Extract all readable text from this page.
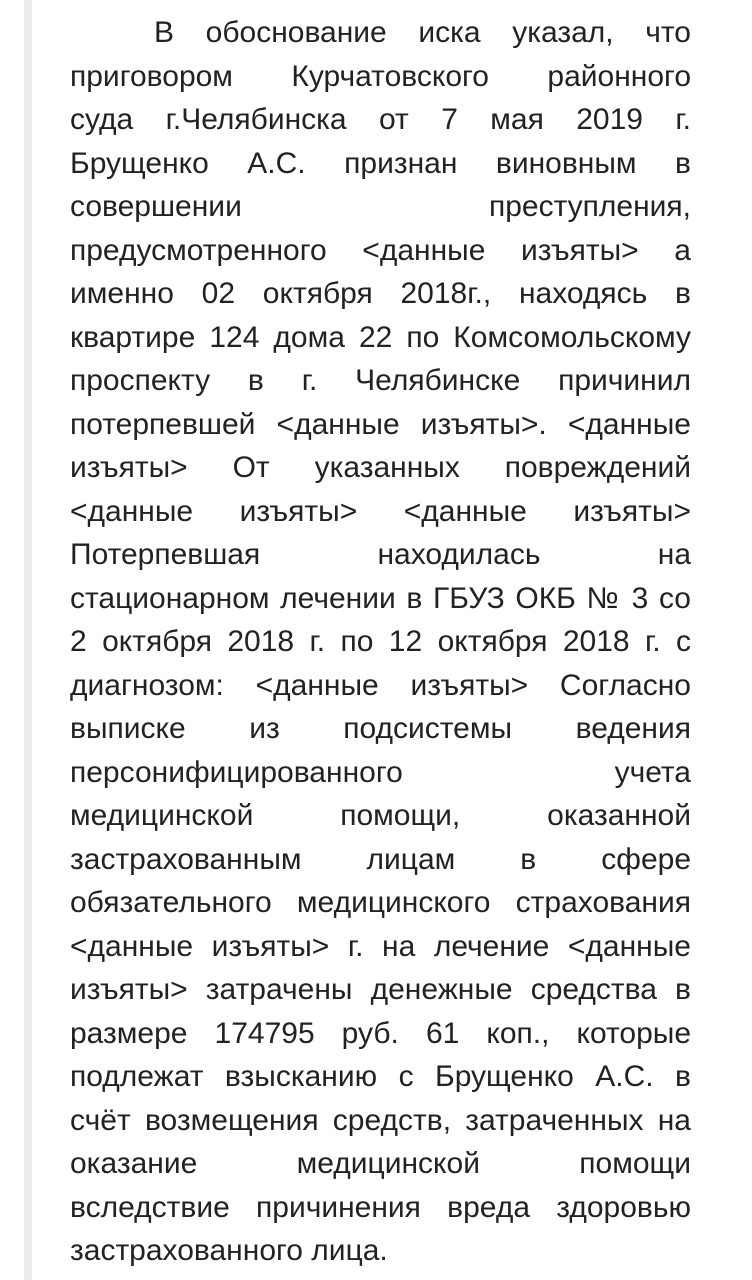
В обоснование иска указал, что
приговором Курчатовского районного
суда г.Челябинска от 7 мая 2019 г.
Брущенко А.С. признан виновным в
совершении преступления,
предусмотренного <данные изъяты> а
именно 02 октября 2018г., находясь в
квартире 124 дома 22 по Комсомольскому
проспекту в г. Челябинске причинил
потерпевшей <данные изъяты>. <данные
изъяты> От указанных повреждений
<данные изъяты> <данные изъяты>
Потерпевшая находилась на
стационарном лечении в ГБУЗ ОКБ № 3 со
2 октября 2018 г. по 12 октября 2018 г. с
диагнозом: <данные изъяты> Согласно
выписке из подсистемы ведения
персонифицированного учета
медицинской помощи, оказанной
застрахованным лицам в сфере
обязательного медицинского страхования
<данные изъяты> г. на лечение <данные
изъяты> затрачены денежные средства в
размере 174795 руб. 61 коп., которые
подлежат взысканию с Брущенко А.С. в
счёт возмещения средств, затраченных на
оказание медицинской помощи
вследствие причинения вреда здоровью
застрахованного лица.
